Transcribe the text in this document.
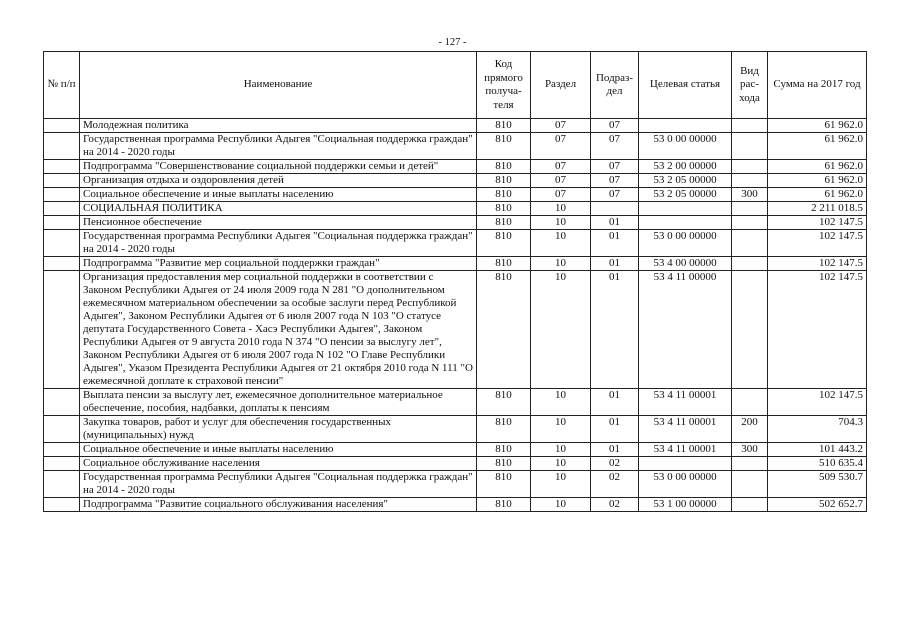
- 127 -
№ п/п	Наименование	Код прямого получа-теля	Раздел	Подраз-дел	Целевая статья	Вид рас-хода	Сумма на 2017 год
	Молодежная политика	810	07	07			61 962.0
	Государственная программа Республики Адыгея "Социальная поддержка граждан" на 2014 - 2020 годы	810	07	07	53 0 00 00000		61 962.0
	Подпрограмма "Совершенствование социальной поддержки семьи и детей"	810	07	07	53 2 00 00000		61 962.0
	Организация отдыха и оздоровления детей	810	07	07	53 2 05 00000		61 962.0
	Социальное обеспечение и иные выплаты населению	810	07	07	53 2 05 00000	300	61 962.0
	СОЦИАЛЬНАЯ ПОЛИТИКА	810	10				2 211 018.5
	Пенсионное обеспечение	810	10	01			102 147.5
	Государственная программа Республики Адыгея "Социальная поддержка граждан" на 2014 - 2020 годы	810	10	01	53 0 00 00000		102 147.5
	Подпрограмма "Развитие мер социальной поддержки граждан"	810	10	01	53 4 00 00000		102 147.5
	Организация предоставления мер социальной поддержки в соответствии с Законом Республики Адыгея от 24 июля 2009 года N 281 "О дополнительном ежемесячном материальном обеспечении за особые заслуги перед Республикой Адыгея", Законом Республики Адыгея от 6 июля 2007 года N 103 "О статусе депутата Государственного Совета - Хасэ Республики Адыгея", Законом Республики Адыгея от 9 августа 2010 года N 374 "О пенсии за выслугу лет", Законом Республики Адыгея от 6 июля 2007 года N 102 "О Главе Республики Адыгея", Указом Президента Республики Адыгея от 21 октября 2010 года N 111 "О ежемесячной доплате к страховой пенсии"	810	10	01	53 4 11 00000		102 147.5
	Выплата пенсии за выслугу лет, ежемесячное дополнительное материальное обеспечение, пособия, надбавки, доплаты к пенсиям	810	10	01	53 4 11 00001		102 147.5
	Закупка товаров, работ и услуг для обеспечения государственных (муниципальных) нужд	810	10	01	53 4 11 00001	200	704.3
	Социальное обеспечение и иные выплаты населению	810	10	01	53 4 11 00001	300	101 443.2
	Социальное обслуживание населения	810	10	02			510 635.4
	Государственная программа Республики Адыгея "Социальная поддержка граждан" на 2014 - 2020 годы	810	10	02	53 0 00 00000		509 530.7
	Подпрограмма "Развитие социального обслуживания населения"	810	10	02	53 1 00 00000		502 652.7
